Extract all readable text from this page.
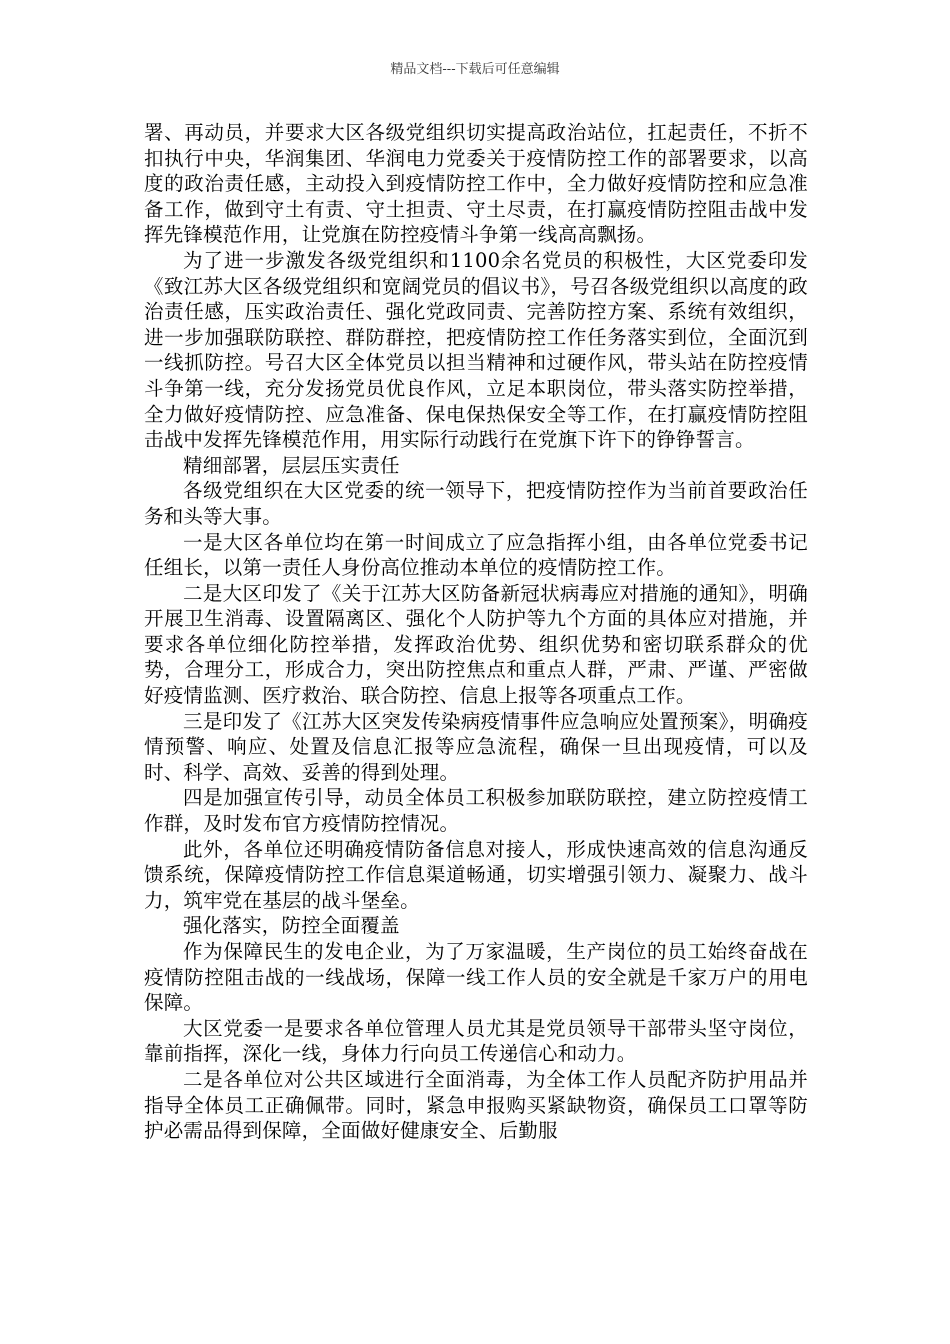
精品文档---下载后可任意编辑

署、再动员，并要求大区各级党组织切实提高政治站位，扛起责任，不折不扣执行中央，华润集团、华润电力党委关于疫情防控工作的部署要求，以高度的政治责任感，主动投入到疫情防控工作中，全力做好疫情防控和应急准备工作，做到守土有责、守土担责、守土尽责，在打赢疫情防控阻击战中发挥先锋模范作用，让党旗在防控疫情斗争第一线高高飘扬。

为了进一步激发各级党组织和1100余名党员的积极性，大区党委印发《致江苏大区各级党组织和宽阔党员的倡议书》，号召各级党组织以高度的政治责任感，压实政治责任、强化党政同责、完善防控方案、系统有效组织，进一步加强联防联控、群防群控，把疫情防控工作任务落实到位，全面沉到一线抓防控。号召大区全体党员以担当精神和过硬作风，带头站在防控疫情斗争第一线，充分发扬党员优良作风，立足本职岗位，带头落实防控举措，全力做好疫情防控、应急准备、保电保热保安全等工作，在打赢疫情防控阻击战中发挥先锋模范作用，用实际行动践行在党旗下许下的铮铮誓言。

精细部署，层层压实责任

各级党组织在大区党委的统一领导下，把疫情防控作为当前首要政治任务和头等大事。

一是大区各单位均在第一时间成立了应急指挥小组，由各单位党委书记任组长，以第一责任人身份高位推动本单位的疫情防控工作。

二是大区印发了《关于江苏大区防备新冠状病毒应对措施的通知》，明确开展卫生消毒、设置隔离区、强化个人防护等九个方面的具体应对措施，并要求各单位细化防控举措，发挥政治优势、组织优势和密切联系群众的优势，合理分工，形成合力，突出防控焦点和重点人群，严肃、严谨、严密做好疫情监测、医疗救治、联合防控、信息上报等各项重点工作。

三是印发了《江苏大区突发传染病疫情事件应急响应处置预案》，明确疫情预警、响应、处置及信息汇报等应急流程，确保一旦出现疫情，可以及时、科学、高效、妥善的得到处理。

四是加强宣传引导，动员全体员工积极参加联防联控，建立防控疫情工作群，及时发布官方疫情防控情况。

此外，各单位还明确疫情防备信息对接人，形成快速高效的信息沟通反馈系统，保障疫情防控工作信息渠道畅通，切实增强引领力、凝聚力、战斗力，筑牢党在基层的战斗堡垒。

强化落实，防控全面覆盖

作为保障民生的发电企业，为了万家温暖，生产岗位的员工始终奋战在疫情防控阻击战的一线战场，保障一线工作人员的安全就是千家万户的用电保障。

大区党委一是要求各单位管理人员尤其是党员领导干部带头坚守岗位，靠前指挥，深化一线，身体力行向员工传递信心和动力。

二是各单位对公共区域进行全面消毒，为全体工作人员配齐防护用品并指导全体员工正确佩带。同时，紧急申报购买紧缺物资，确保员工口罩等防护必需品得到保障，全面做好健康安全、后勤服
